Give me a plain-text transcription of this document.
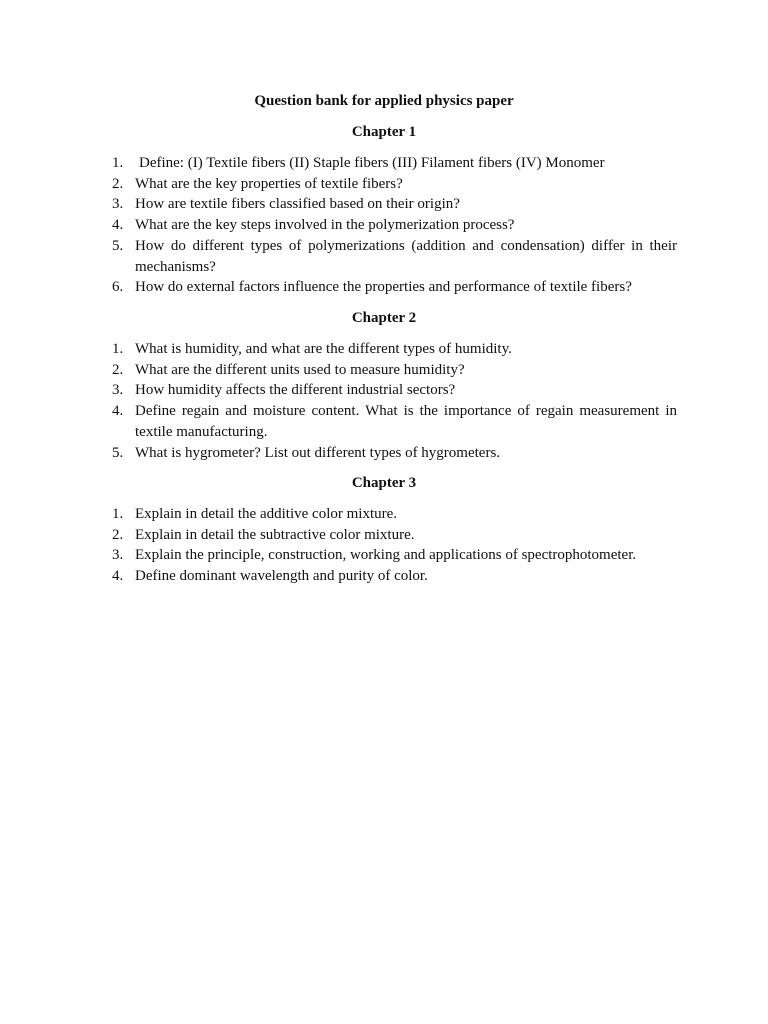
Question bank for applied physics paper
Chapter 1
1. Define: (I) Textile fibers (II) Staple fibers (III) Filament fibers (IV) Monomer
2. What are the key properties of textile fibers?
3. How are textile fibers classified based on their origin?
4. What are the key steps involved in the polymerization process?
5. How do different types of polymerizations (addition and condensation) differ in their mechanisms?
6. How do external factors influence the properties and performance of textile fibers?
Chapter 2
1. What is humidity, and what are the different types of humidity.
2. What are the different units used to measure humidity?
3. How humidity affects the different industrial sectors?
4. Define regain and moisture content. What is the importance of regain measurement in textile manufacturing.
5. What is hygrometer? List out different types of hygrometers.
Chapter 3
1. Explain in detail the additive color mixture.
2. Explain in detail the subtractive color mixture.
3. Explain the principle, construction, working and applications of spectrophotometer.
4. Define dominant wavelength and purity of color.
